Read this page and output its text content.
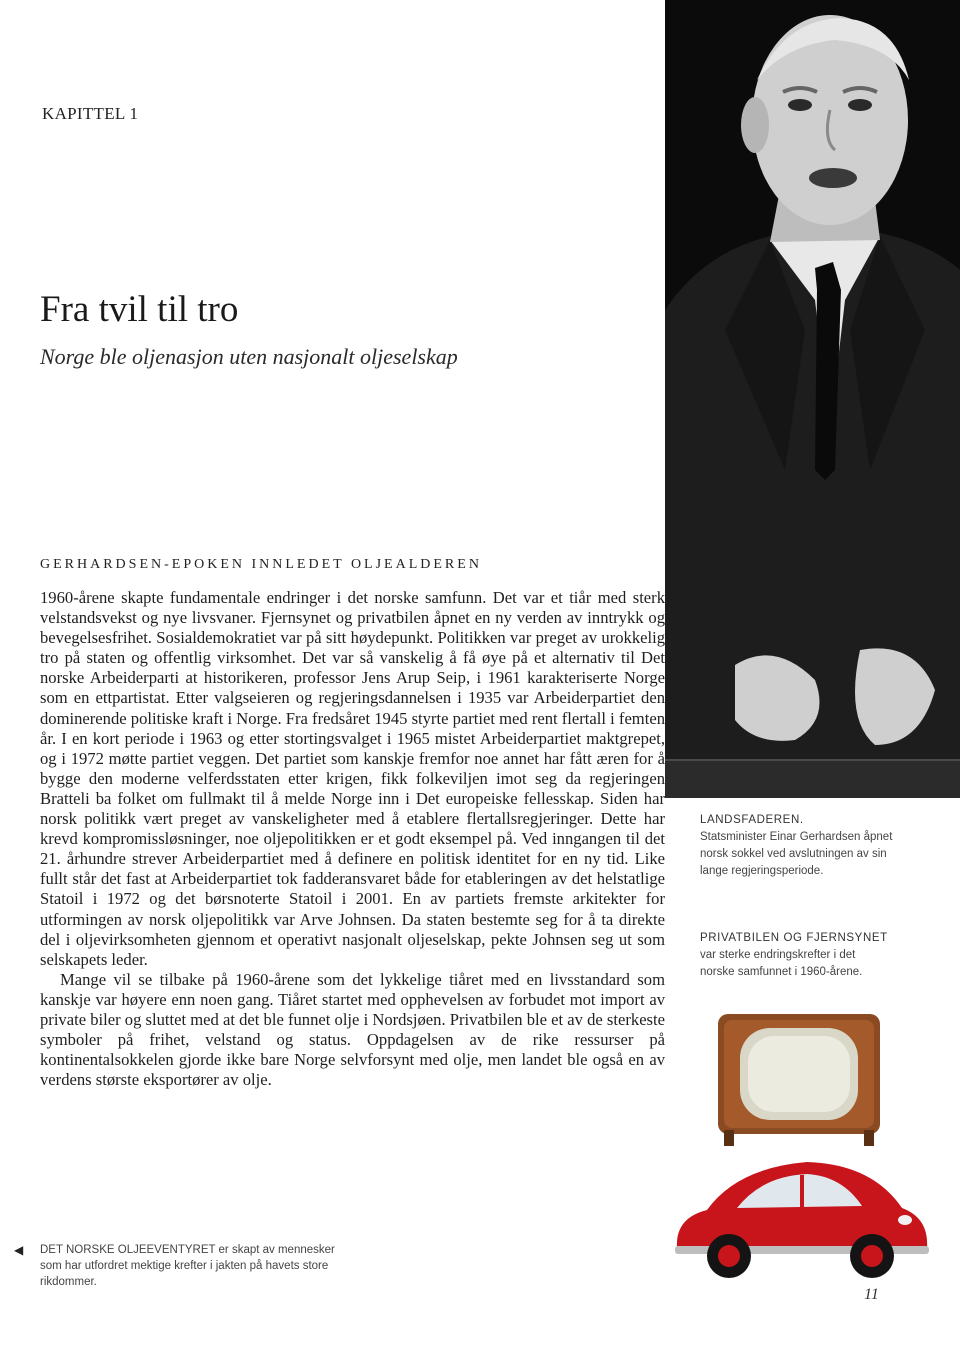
KAPITTEL 1
Fra tvil til tro
Norge ble oljenasjon uten nasjonalt oljeselskap
GERHARDSEN-EPOKEN INNLEDET OLJEALDEREN

1960-årene skapte fundamentale endringer i det norske samfunn. Det var et tiår med sterk velstandsvekst og nye livsvaner. Fjernsynet og privatbilen åpnet en ny verden av inntrykk og bevegelsesfrihet. Sosialdemokratiet var på sitt høydepunkt. Politikken var preget av urokkelig tro på staten og offentlig virksomhet. Det var så vanskelig å få øye på et alternativ til Det norske Arbeiderparti at historikeren, professor Jens Arup Seip, i 1961 karakteriserte Norge som en ettpartistat. Etter valgseieren og regjeringsdannelsen i 1935 var Arbeiderpartiet den dominerende politiske kraft i Norge. Fra fredsåret 1945 styrte partiet med rent flertall i femten år. I en kort periode i 1963 og etter stortingsvalget i 1965 mistet Arbeiderpartiet maktgrepet, og i 1972 møtte partiet veggen. Det partiet som kanskje fremfor noe annet har fått æren for å bygge den moderne velferdsstaten etter krigen, fikk folkeviljen imot seg da regjeringen Bratteli ba folket om fullmakt til å melde Norge inn i Det europeiske fellesskap. Siden har norsk politikk vært preget av vanskeligheter med å etablere flertallsregjeringer. Dette har krevd kompromissløsninger, noe oljepolitikken er et godt eksempel på. Ved inngangen til det 21. århundre strever Arbeiderpartiet med å definere en politisk identitet for en ny tid. Like fullt står det fast at Arbeiderpartiet tok fadderansvaret både for etableringen av det helstatlige Statoil i 1972 og det børsnoterte Statoil i 2001. En av partiets fremste arkitekter for utformingen av norsk oljepolitikk var Arve Johnsen. Da staten bestemte seg for å ta direkte del i oljevirksomheten gjennom et operativt nasjonalt oljeselskap, pekte Johnsen seg ut som selskapets leder.

Mange vil se tilbake på 1960-årene som det lykkelige tiåret med en livsstandard som kanskje var høyere enn noen gang. Tiåret startet med opphevelsen av forbudet mot import av private biler og sluttet med at det ble funnet olje i Nordsjøen. Privatbilen ble et av de sterkeste symboler på frihet, velstand og status. Oppdagelsen av de rike ressurser på kontinentalsokkelen gjorde ikke bare Norge selvforsynt med olje, men landet ble også en av verdens største eksportører av olje.

LANDSFADEREN.
Statsminister Einar Gerhardsen åpnet norsk sokkel ved avslutningen av sin lange regjeringsperiode.
PRIVATBILEN OG FJERNSYNET var sterke endringskrefter i det norske samfunnet i 1960-årene.
◀ DET NORSKE OLJEEVENTYRET er skapt av mennesker som har utfordret mektige krefter i jakten på havets store rikdommer.
11
